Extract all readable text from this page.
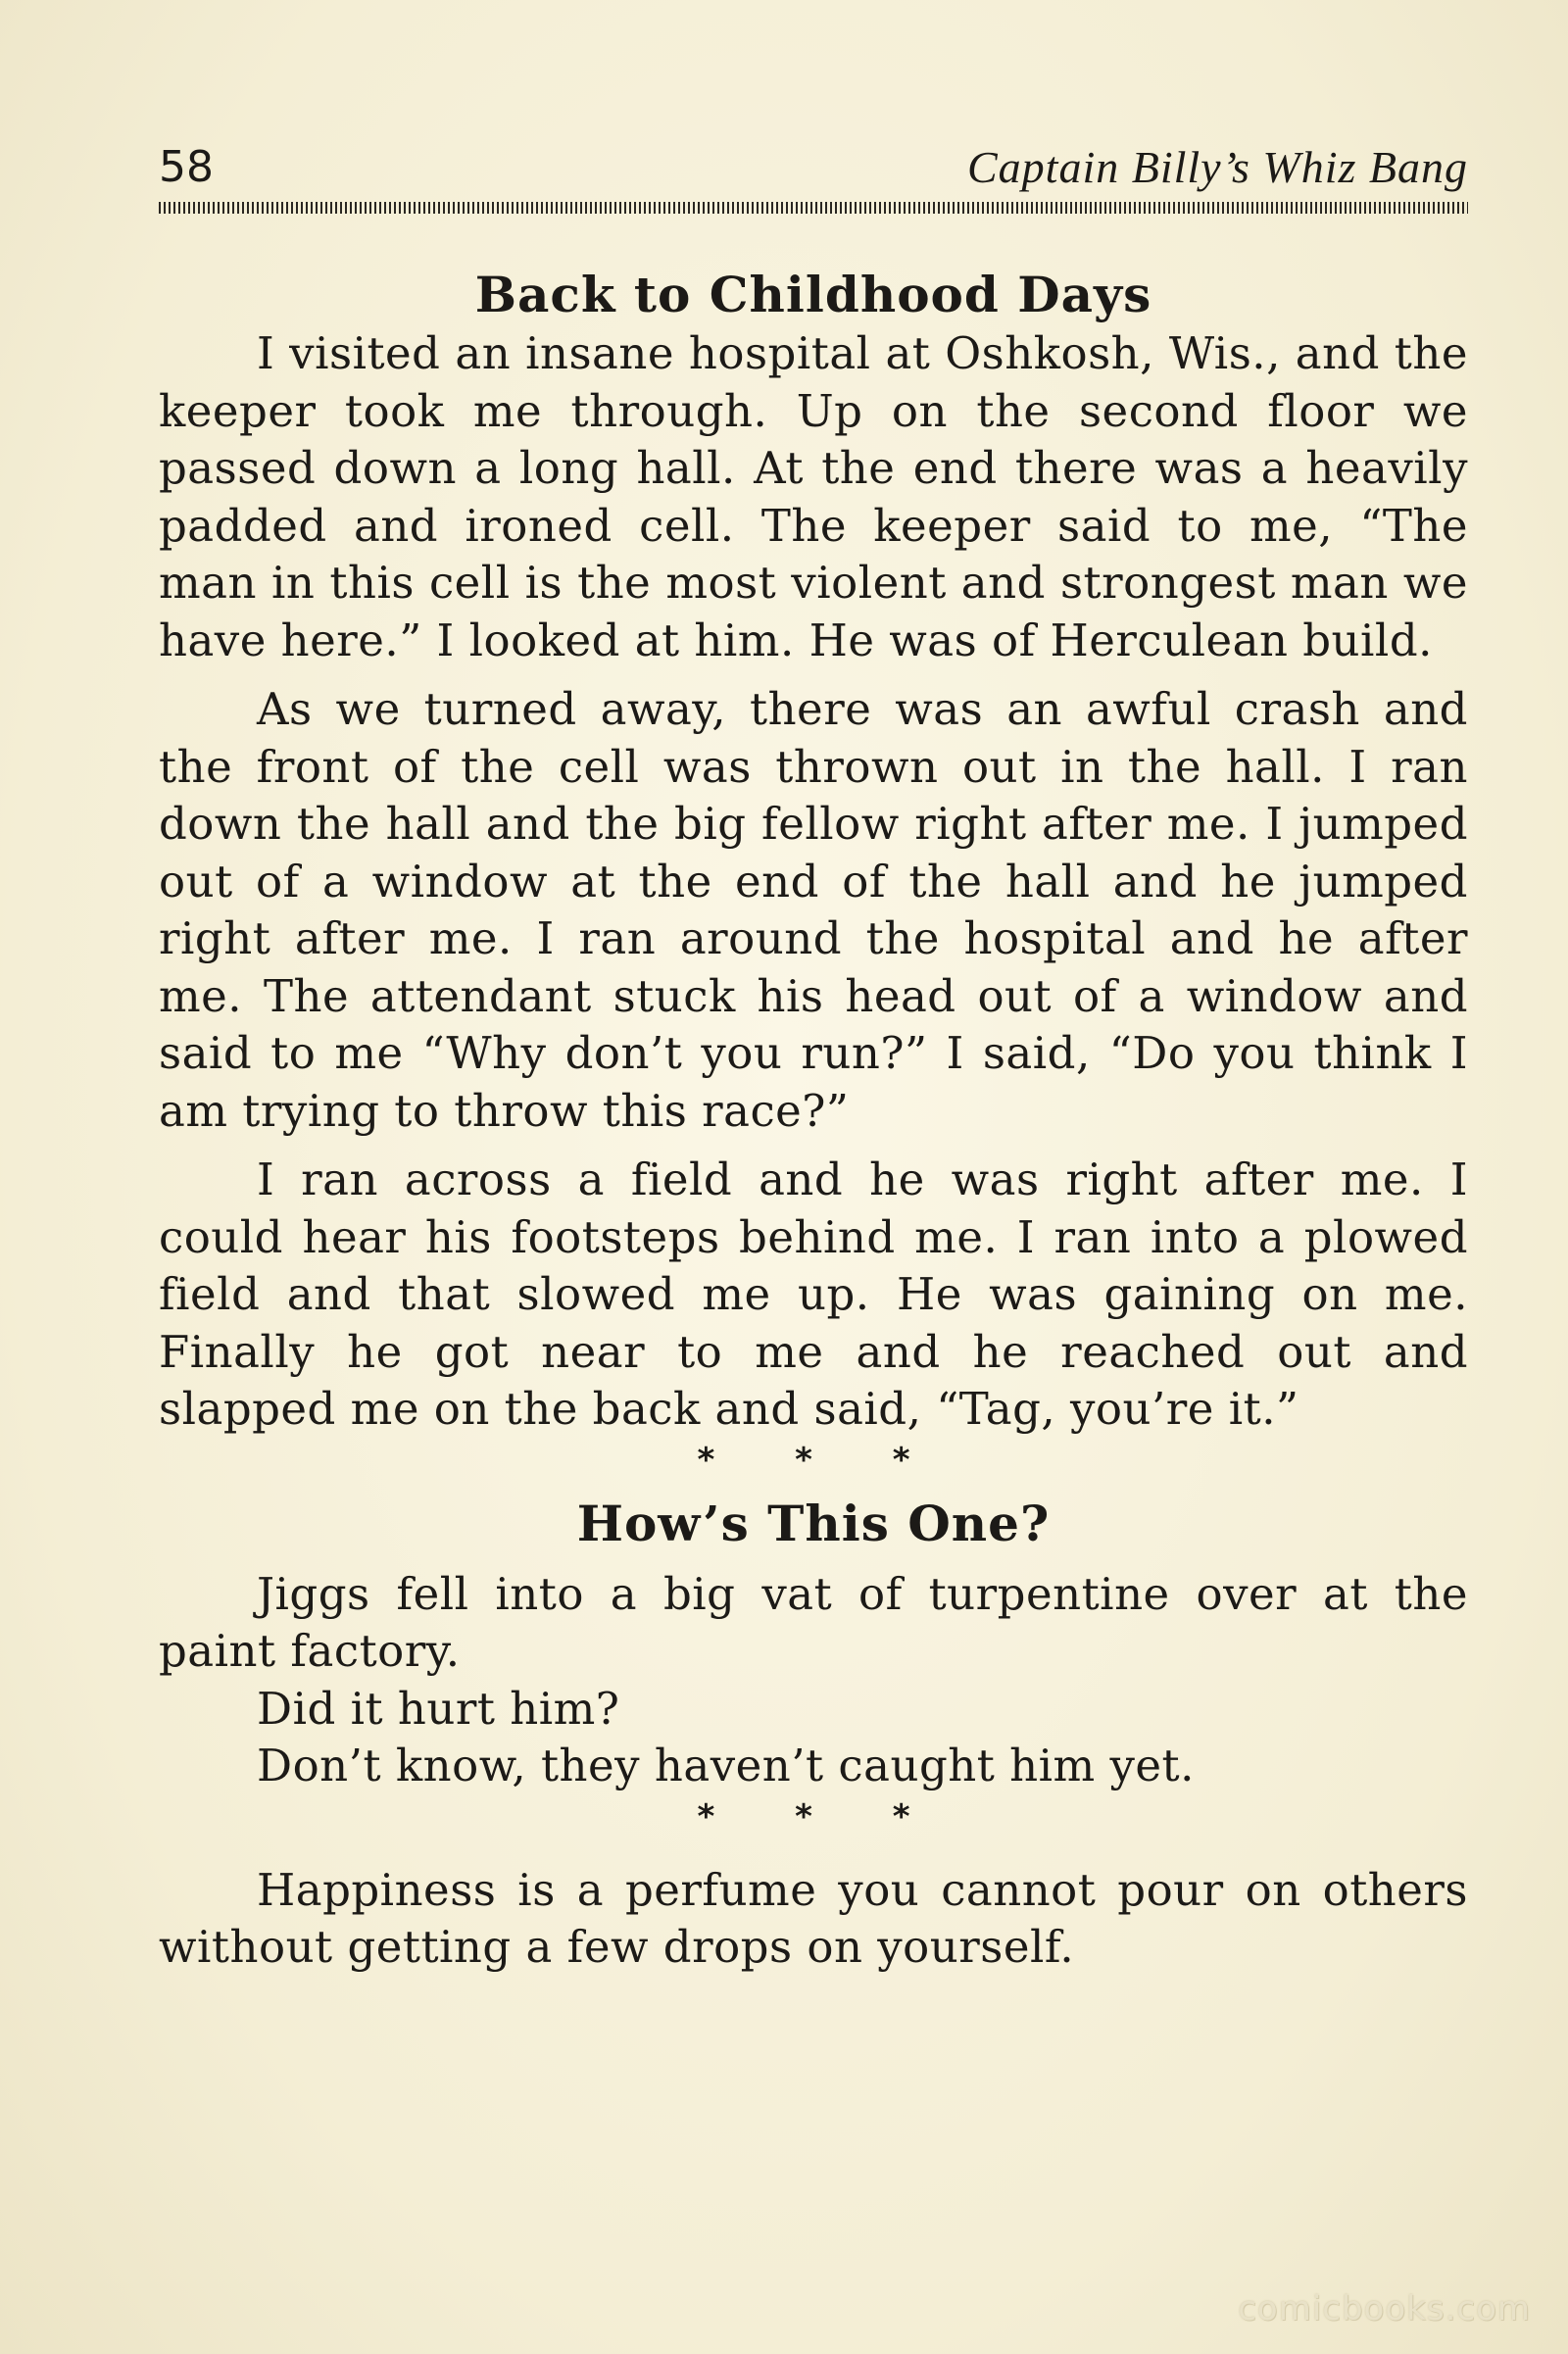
58	Captain Billy’s Whiz Bang
Back to Childhood Days

I visited an insane hospital at Oshkosh, Wis., and the keeper took me through. Up on the second floor we passed down a long hall. At the end there was a heavily padded and ironed cell. The keeper said to me, “The man in this cell is the most violent and strongest man we have here.” I looked at him. He was of Herculean build.

As we turned away, there was an awful crash and the front of the cell was thrown out in the hall. I ran down the hall and the big fellow right after me. I jumped out of a window at the end of the hall and he jumped right after me. I ran around the hospital and he after me. The attendant stuck his head out of a window and said to me “Why don’t you run?” I said, “Do you think I am trying to throw this race?”

I ran across a field and he was right after me. I could hear his footsteps behind me. I ran into a plowed field and that slowed me up. He was gaining on me. Finally he got near to me and he reached out and slapped me on the back and said, “Tag, you’re it.”

* * *

How’s This One?

Jiggs fell into a big vat of turpentine over at the paint factory.

Did it hurt him?

Don’t know, they haven’t caught him yet.

* * *

Happiness is a perfume you cannot pour on others without getting a few drops on yourself.

comicbooks.com
